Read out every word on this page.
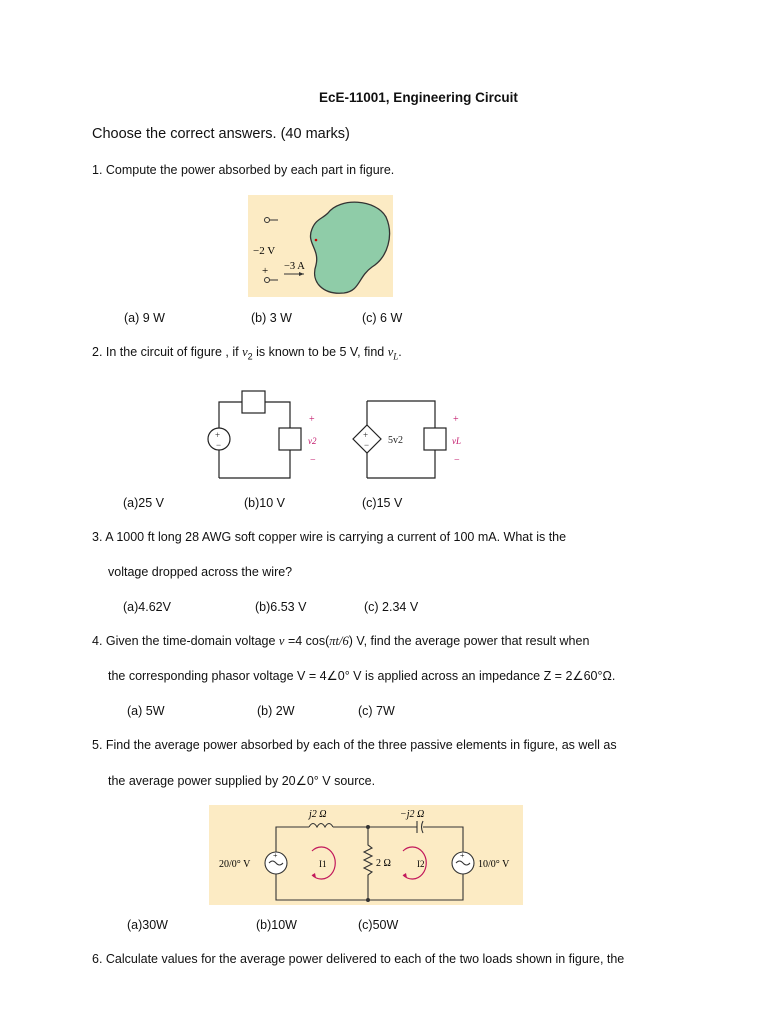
EcE-11001, Engineering Circuit
Choose the correct answers. (40 marks)
1. Compute the power absorbed by each part in figure.
−2 V
−3 A
+
(a) 9 W	(b) 3 W	(c) 6 W
2. In the circuit of figure , if $v_2$ is known to be 5 V, find $v_L$.
+
−
+
−
+
v2
−
5v2
+
vL
−
(a)25 V	(b)10 V	(c)15 V
3. A 1000 ft long 28 AWG soft copper wire is carrying a current of 100 mA. What is the
voltage dropped across the wire?
(a)4.62V	(b)6.53 V	(c) 2.34 V
4. Given the time-domain voltage v =4 cos(πt/6) V, find the average power that result when
the corresponding phasor voltage V = 4∠0° V is applied across an impedance Z = 2∠60°Ω.
(a) 5W	(b) 2W	(c) 7W
5. Find the average power absorbed by each of the three passive elements in figure, as well as
the average power supplied by 20∠0° V source.
+	+
j2 Ω	−j2 Ω
2 Ω
20/0° V	10/0° V
I1	I2
(a)30W	(b)10W	(c)50W
6. Calculate values for the average power delivered to each of the two loads shown in figure, the
